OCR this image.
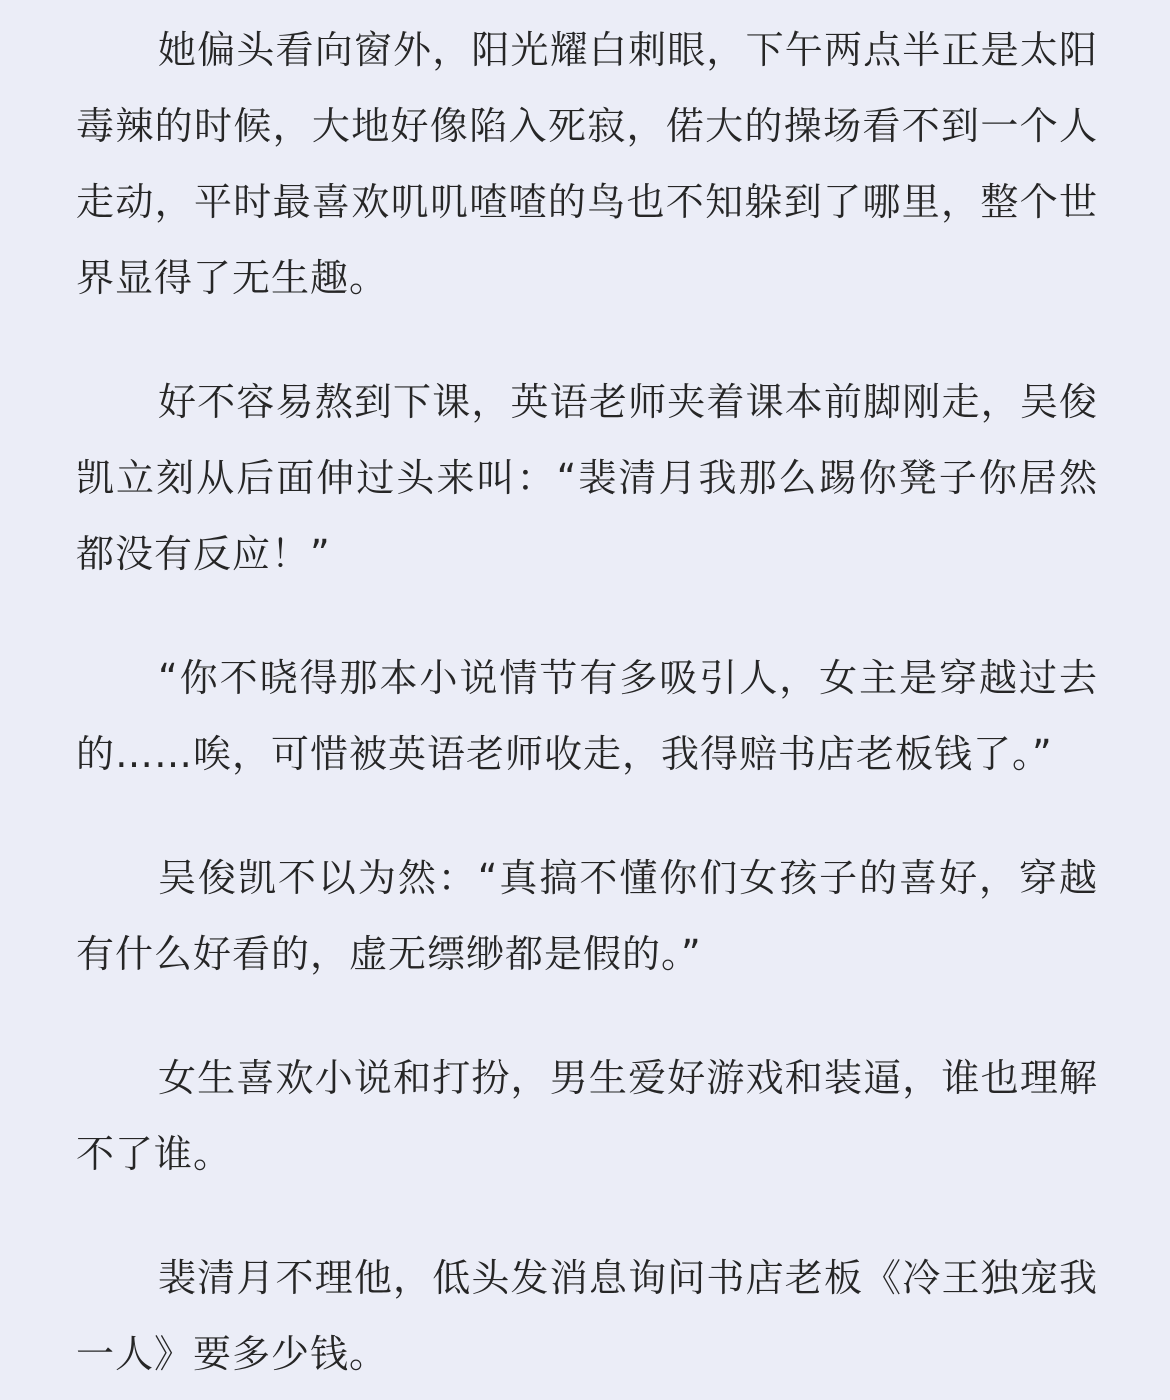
她偏头看向窗外，阳光耀白刺眼，下午两点半正是太阳毒辣的时候，大地好像陷入死寂，偌大的操场看不到一个人走动，平时最喜欢叽叽喳喳的鸟也不知躲到了哪里，整个世界显得了无生趣。

好不容易熬到下课，英语老师夹着课本前脚刚走，吴俊凯立刻从后面伸过头来叫：“裴清月我那么踢你凳子你居然都没有反应！”

“你不晓得那本小说情节有多吸引人，女主是穿越过去的……唉，可惜被英语老师收走，我得赔书店老板钱了。”

吴俊凯不以为然：“真搞不懂你们女孩子的喜好，穿越有什么好看的，虚无缥缈都是假的。”

女生喜欢小说和打扮，男生爱好游戏和装逼，谁也理解不了谁。

裴清月不理他，低头发消息询问书店老板《冷王独宠我一人》要多少钱。
